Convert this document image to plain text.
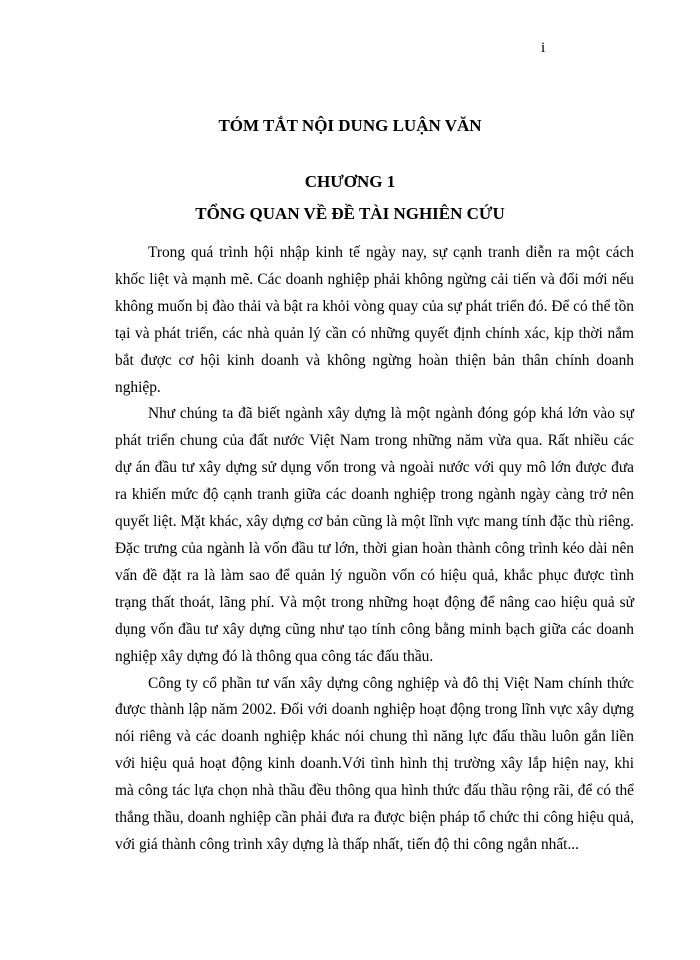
i
TÓM TẮT NỘI DUNG LUẬN VĂN
CHƯƠNG 1
TỔNG QUAN VỀ ĐỀ TÀI NGHIÊN CỨU

Trong quá trình hội nhập kinh tế ngày nay, sự cạnh tranh diễn ra một cách khốc liệt và mạnh mẽ. Các doanh nghiệp phải không ngừng cải tiến và đổi mới nếu không muốn bị đào thải và bật ra khỏi vòng quay của sự phát triển đó. Để có thể tồn tại và phát triển, các nhà quản lý cần có những quyết định chính xác, kịp thời nắm bắt được cơ hội kinh doanh và không ngừng hoàn thiện bản thân chính doanh nghiệp.

Như chúng ta đã biết ngành xây dựng là một ngành đóng góp khá lớn vào sự phát triển chung của đất nước Việt Nam trong những năm vừa qua. Rất nhiều các dự án đầu tư xây dựng sử dụng vốn trong và ngoài nước với quy mô lớn được đưa ra khiến mức độ cạnh tranh giữa các doanh nghiệp trong ngành ngày càng trở nên quyết liệt. Mặt khác, xây dựng cơ bản cũng là một lĩnh vực mang tính đặc thù riêng. Đặc trưng của ngành là vốn đầu tư lớn, thời gian hoàn thành công trình kéo dài nên vấn đề đặt ra là làm sao để quản lý nguồn vốn có hiệu quả, khắc phục được tình trạng thất thoát, lãng phí. Và một trong những hoạt động để nâng cao hiệu quả sử dụng vốn đầu tư xây dựng cũng như tạo tính công bằng minh bạch giữa các doanh nghiệp xây dựng đó là thông qua công tác đấu thầu.

Công ty cổ phần tư vấn xây dựng công nghiệp và đô thị Việt Nam chính thức được thành lập năm 2002. Đối với doanh nghiệp hoạt động trong lĩnh vực xây dựng nói riêng và các doanh nghiệp khác nói chung thì năng lực đấu thầu luôn gắn liền với hiệu quả hoạt động kinh doanh.Với tình hình thị trường xây lắp hiện nay, khi mà công tác lựa chọn nhà thầu đều thông qua hình thức đấu thầu rộng rãi, để có thể thắng thầu, doanh nghiệp cần phải đưa ra được biện pháp tổ chức thi công hiệu quả, với giá thành công trình xây dựng là thấp nhất, tiến độ thi công ngắn nhất...
